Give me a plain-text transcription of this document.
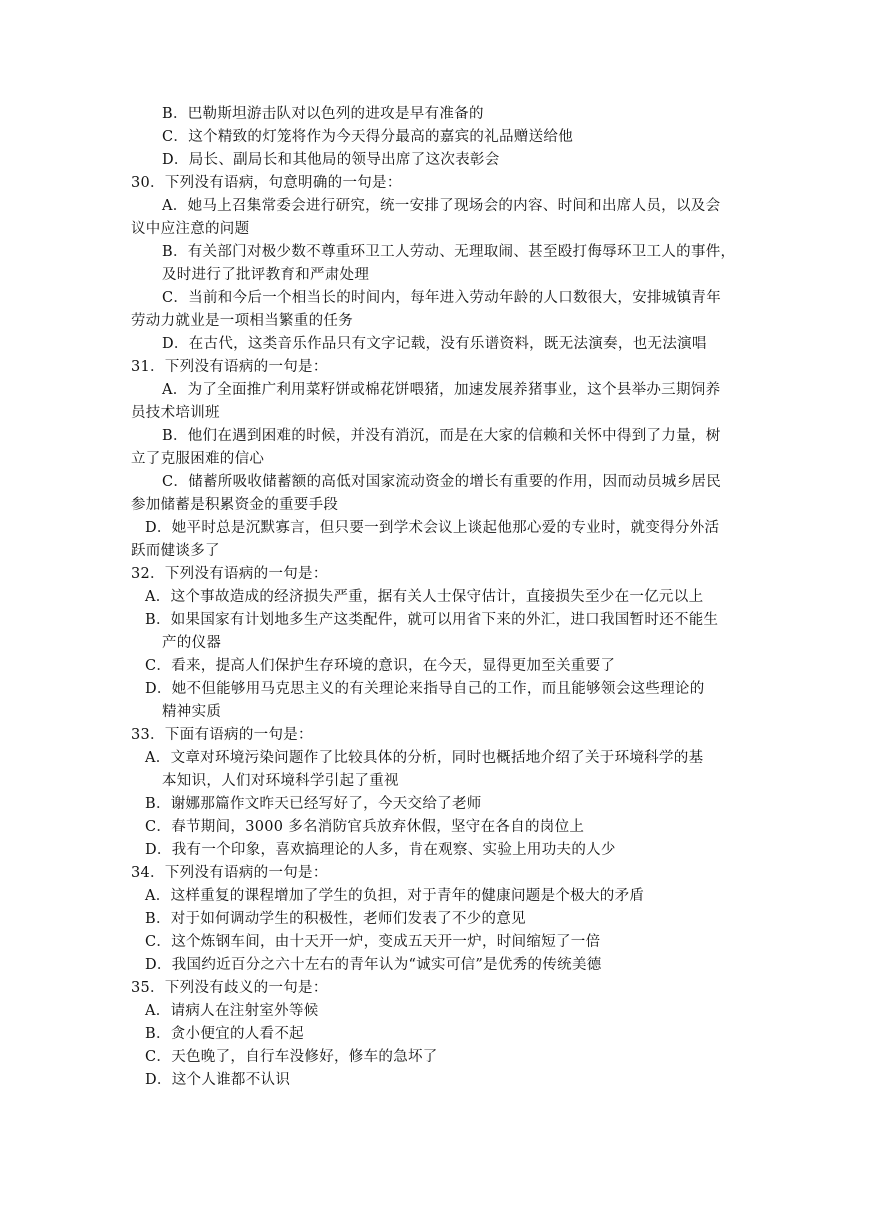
B．巴勒斯坦游击队对以色列的进攻是早有准备的
C．这个精致的灯笼将作为今天得分最高的嘉宾的礼品赠送给他
D．局长、副局长和其他局的领导出席了这次表彰会
30．下列没有语病，句意明确的一句是：
A．她马上召集常委会进行研究，统一安排了现场会的内容、时间和出席人员，以及会
议中应注意的问题
B．有关部门对极少数不尊重环卫工人劳动、无理取闹、甚至殴打侮辱环卫工人的事件，
及时进行了批评教育和严肃处理
C．当前和今后一个相当长的时间内，每年进入劳动年龄的人口数很大，安排城镇青年
劳动力就业是一项相当繁重的任务
D．在古代，这类音乐作品只有文字记载，没有乐谱资料，既无法演奏，也无法演唱
31．下列没有语病的一句是：
A．为了全面推广利用菜籽饼或棉花饼喂猪，加速发展养猪事业，这个县举办三期饲养
员技术培训班
B．他们在遇到困难的时候，并没有消沉，而是在大家的信赖和关怀中得到了力量，树
立了克服困难的信心
C．储蓄所吸收储蓄额的高低对国家流动资金的增长有重要的作用，因而动员城乡居民
参加储蓄是积累资金的重要手段
D．她平时总是沉默寡言，但只要一到学术会议上谈起他那心爱的专业时，就变得分外活
跃而健谈多了
32．下列没有语病的一句是：
A．这个事故造成的经济损失严重，据有关人士保守估计，直接损失至少在一亿元以上
B．如果国家有计划地多生产这类配件，就可以用省下来的外汇，进口我国暂时还不能生
产的仪器
C．看来，提高人们保护生存环境的意识，在今天，显得更加至关重要了
D．她不但能够用马克思主义的有关理论来指导自己的工作，而且能够领会这些理论的
精神实质
33．下面有语病的一句是：
A．文章对环境污染问题作了比较具体的分析，同时也概括地介绍了关于环境科学的基
本知识，人们对环境科学引起了重视
B．谢娜那篇作文昨天已经写好了，今天交给了老师
C．春节期间，3000 多名消防官兵放弃休假，坚守在各自的岗位上
D．我有一个印象，喜欢搞理论的人多，肯在观察、实验上用功夫的人少
34．下列没有语病的一句是：
A．这样重复的课程增加了学生的负担，对于青年的健康问题是个极大的矛盾
B．对于如何调动学生的积极性，老师们发表了不少的意见
C．这个炼钢车间，由十天开一炉，变成五天开一炉，时间缩短了一倍
D．我国约近百分之六十左右的青年认为“诚实可信”是优秀的传统美德
35．下列没有歧义的一句是：
A．请病人在注射室外等候
B．贪小便宜的人看不起
C．天色晚了，自行车没修好，修车的急坏了
D．这个人谁都不认识
